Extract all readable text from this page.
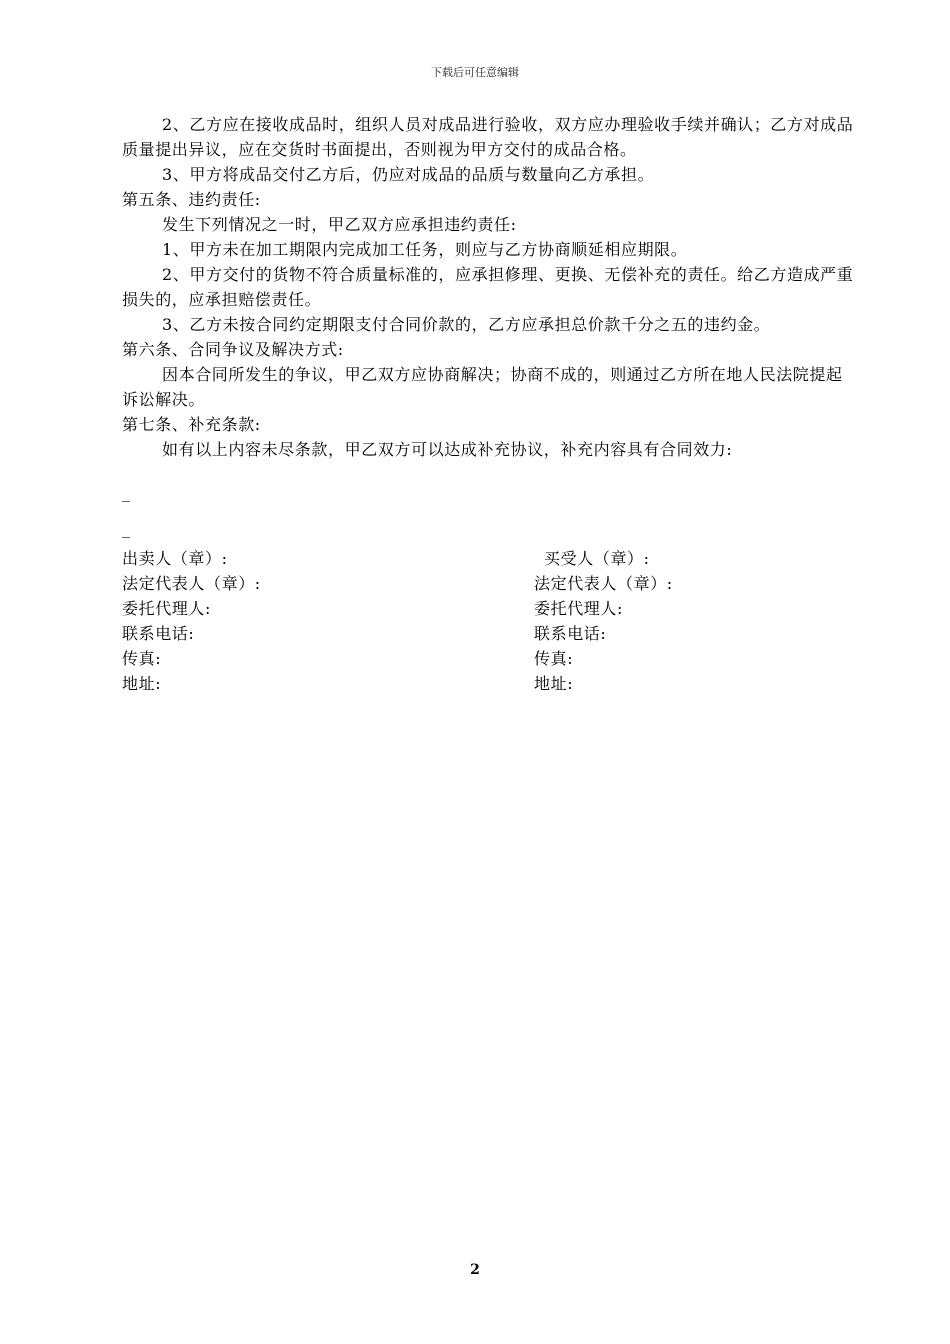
下载后可任意编辑

2、乙方应在接收成品时，组织人员对成品进行验收，双方应办理验收手续并确认；乙方对成品质量提出异议，应在交货时书面提出，否则视为甲方交付的成品合格。

3、甲方将成品交付乙方后，仍应对成品的品质与数量向乙方承担。

第五条、违约责任:

发生下列情况之一时，甲乙双方应承担违约责任:

1、甲方未在加工期限内完成加工任务，则应与乙方协商顺延相应期限。

2、甲方交付的货物不符合质量标准的，应承担修理、更换、无偿补充的责任。给乙方造成严重损失的，应承担赔偿责任。

3、乙方未按合同约定期限支付合同价款的，乙方应承担总价款千分之五的违约金。

第六条、合同争议及解决方式:

因本合同所发生的争议，甲乙双方应协商解决；协商不成的，则通过乙方所在地人民法院提起诉讼解决。

第七条、补充条款:

如有以上内容未尽条款，甲乙双方可以达成补充协议，补充内容具有合同效力:

_
_
出卖人（章）:
法定代表人（章）:
委托代理人:
联系电话:
传真:
地址:
买受人（章）:
法定代表人（章）:
委托代理人:
联系电话:
传真:
地址:
2
